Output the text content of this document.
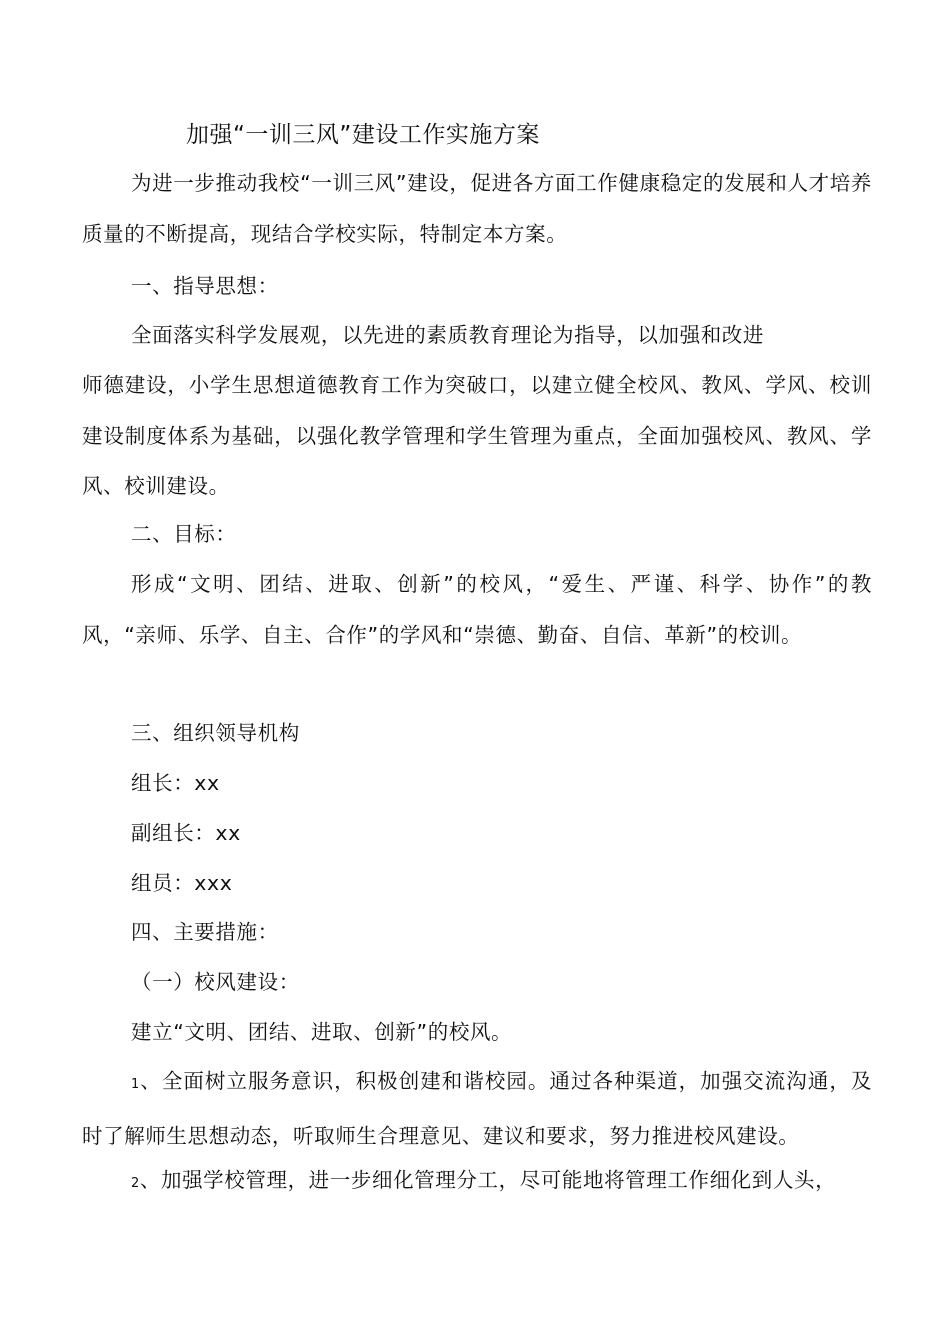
加强“一训三风”建设工作实施方案
为进一步推动我校“一训三风”建设，促进各方面工作健康稳定的发展和人才培养质量的不断提高，现结合学校实际，特制定本方案。
一、指导思想：
全面落实科学发展观，以先进的素质教育理论为指导，以加强和改进
师德建设，小学生思想道德教育工作为突破口，以建立健全校风、教风、学风、校训建设制度体系为基础，以强化教学管理和学生管理为重点，全面加强校风、教风、学风、校训建设。
二、目标：
形成“文明、团结、进取、创新”的校风，“爱生、严谨、科学、协作”的教风，“亲师、乐学、自主、合作”的学风和“崇德、勤奋、自信、革新”的校训。
三、组织领导机构
组长：xx
副组长：xx
组员：xxx
四、主要措施：
（一）校风建设：
建立“文明、团结、进取、创新”的校风。
1、全面树立服务意识，积极创建和谐校园。通过各种渠道，加强交流沟通，及时了解师生思想动态，听取师生合理意见、建议和要求，努力推进校风建设。
2、加强学校管理，进一步细化管理分工，尽可能地将管理工作细化到人头，
